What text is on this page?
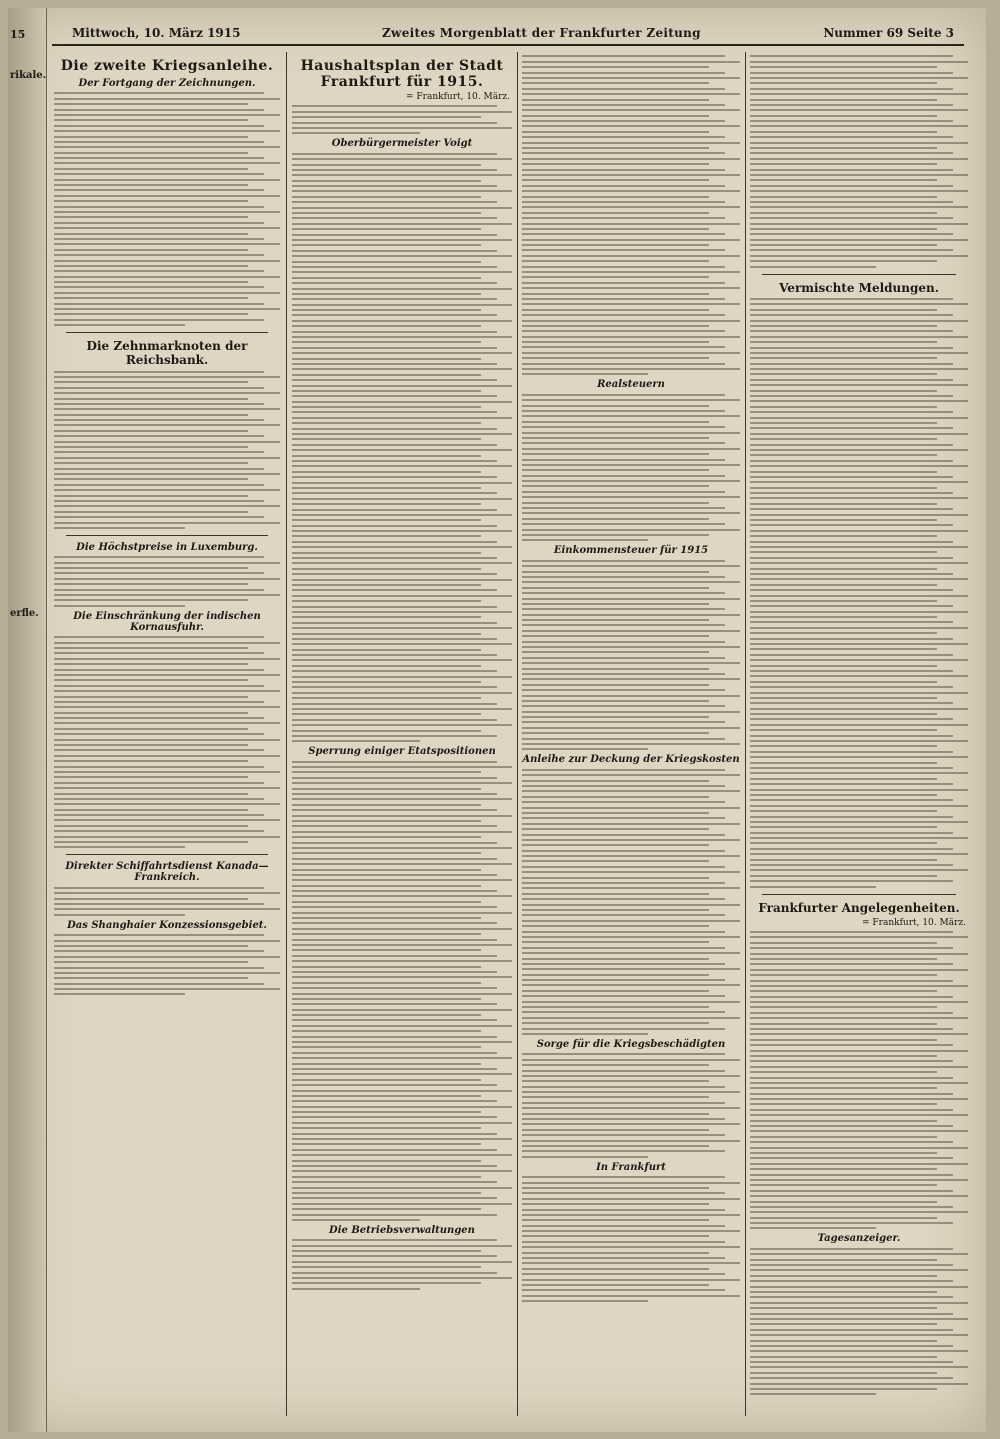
15
rikale.
erfle.
Mittwoch, 10. März 1915	Zweites Morgenblatt der Frankfurter Zeitung	Nummer 69 Seite 3
Die zweite Kriegsanleihe.
Der Fortgang der Zeichnungen.
Die Zehnmarknoten der Reichsbank.
Die Höchstpreise in Luxemburg.
Die Einschränkung der indischen Kornausfuhr.
Direkter Schiffahrtsdienst Kanada—Frankreich.
Das Shanghaier Konzessionsgebiet.
Haushaltsplan der Stadt Frankfurt für 1915.
= Frankfurt, 10. März.
Oberbürgermeister Voigt
Sperrung einiger Etatspositionen
Die Betriebsverwaltungen
Realsteuern
Einkommensteuer für 1915
Anleihe zur Deckung der Kriegskosten
Sorge für die Kriegsbeschädigten
In Frankfurt
Vermischte Meldungen.
Frankfurter Angelegenheiten.
= Frankfurt, 10. März.
Tagesanzeiger.
